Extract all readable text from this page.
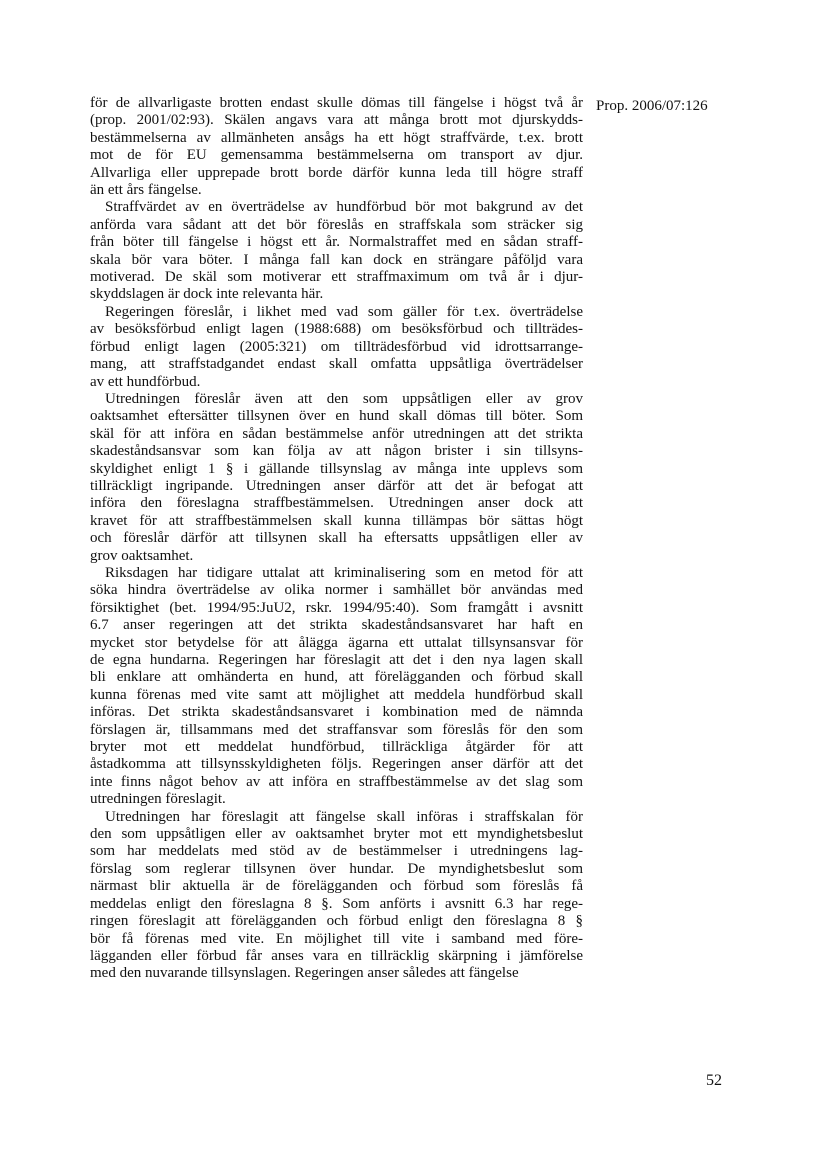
Prop. 2006/07:126
för de allvarligaste brotten endast skulle dömas till fängelse i högst två år
(prop. 2001/02:93). Skälen angavs vara att många brott mot djurskydds-
bestämmelserna av allmänheten ansågs ha ett högt straffvärde, t.ex. brott
mot de för EU gemensamma bestämmelserna om transport av djur.
Allvarliga eller upprepade brott borde därför kunna leda till högre straff
än ett års fängelse.
Straffvärdet av en överträdelse av hundförbud bör mot bakgrund av det
anförda vara sådant att det bör föreslås en straffskala som sträcker sig
från böter till fängelse i högst ett år. Normalstraffet med en sådan straff-
skala bör vara böter. I många fall kan dock en strängare påföljd vara
motiverad. De skäl som motiverar ett straffmaximum om två år i djur-
skyddslagen är dock inte relevanta här.
Regeringen föreslår, i likhet med vad som gäller för t.ex. överträdelse
av besöksförbud enligt lagen (1988:688) om besöksförbud och tillträdes-
förbud enligt lagen (2005:321) om tillträdesförbud vid idrottsarrange-
mang, att straffstadgandet endast skall omfatta uppsåtliga överträdelser
av ett hundförbud.
Utredningen föreslår även att den som uppsåtligen eller av grov
oaktsamhet eftersätter tillsynen över en hund skall dömas till böter. Som
skäl för att införa en sådan bestämmelse anför utredningen att det strikta
skadeståndsansvar som kan följa av att någon brister i sin tillsyns-
skyldighet enligt 1 § i gällande tillsynslag av många inte upplevs som
tillräckligt ingripande. Utredningen anser därför att det är befogat att
införa den föreslagna straffbestämmelsen. Utredningen anser dock att
kravet för att straffbestämmelsen skall kunna tillämpas bör sättas högt
och föreslår därför att tillsynen skall ha eftersatts uppsåtligen eller av
grov oaktsamhet.
Riksdagen har tidigare uttalat att kriminalisering som en metod för att
söka hindra överträdelse av olika normer i samhället bör användas med
försiktighet (bet. 1994/95:JuU2, rskr. 1994/95:40). Som framgått i avsnitt
6.7 anser regeringen att det strikta skadeståndsansvaret har haft en
mycket stor betydelse för att ålägga ägarna ett uttalat tillsynsansvar för
de egna hundarna. Regeringen har föreslagit att det i den nya lagen skall
bli enklare att omhänderta en hund, att förelägganden och förbud skall
kunna förenas med vite samt att möjlighet att meddela hundförbud skall
införas. Det strikta skadeståndsansvaret i kombination med de nämnda
förslagen är, tillsammans med det straffansvar som föreslås för den som
bryter mot ett meddelat hundförbud, tillräckliga åtgärder för att
åstadkomma att tillsynsskyldigheten följs. Regeringen anser därför att det
inte finns något behov av att införa en straffbestämmelse av det slag som
utredningen föreslagit.
Utredningen har föreslagit att fängelse skall införas i straffskalan för
den som uppsåtligen eller av oaktsamhet bryter mot ett myndighetsbeslut
som har meddelats med stöd av de bestämmelser i utredningens lag-
förslag som reglerar tillsynen över hundar. De myndighetsbeslut som
närmast blir aktuella är de förelägganden och förbud som föreslås få
meddelas enligt den föreslagna 8 §. Som anförts i avsnitt 6.3 har rege-
ringen föreslagit att förelägganden och förbud enligt den föreslagna 8 §
bör få förenas med vite. En möjlighet till vite i samband med före-
lägganden eller förbud får anses vara en tillräcklig skärpning i jämförelse
med den nuvarande tillsynslagen. Regeringen anser således att fängelse
52
